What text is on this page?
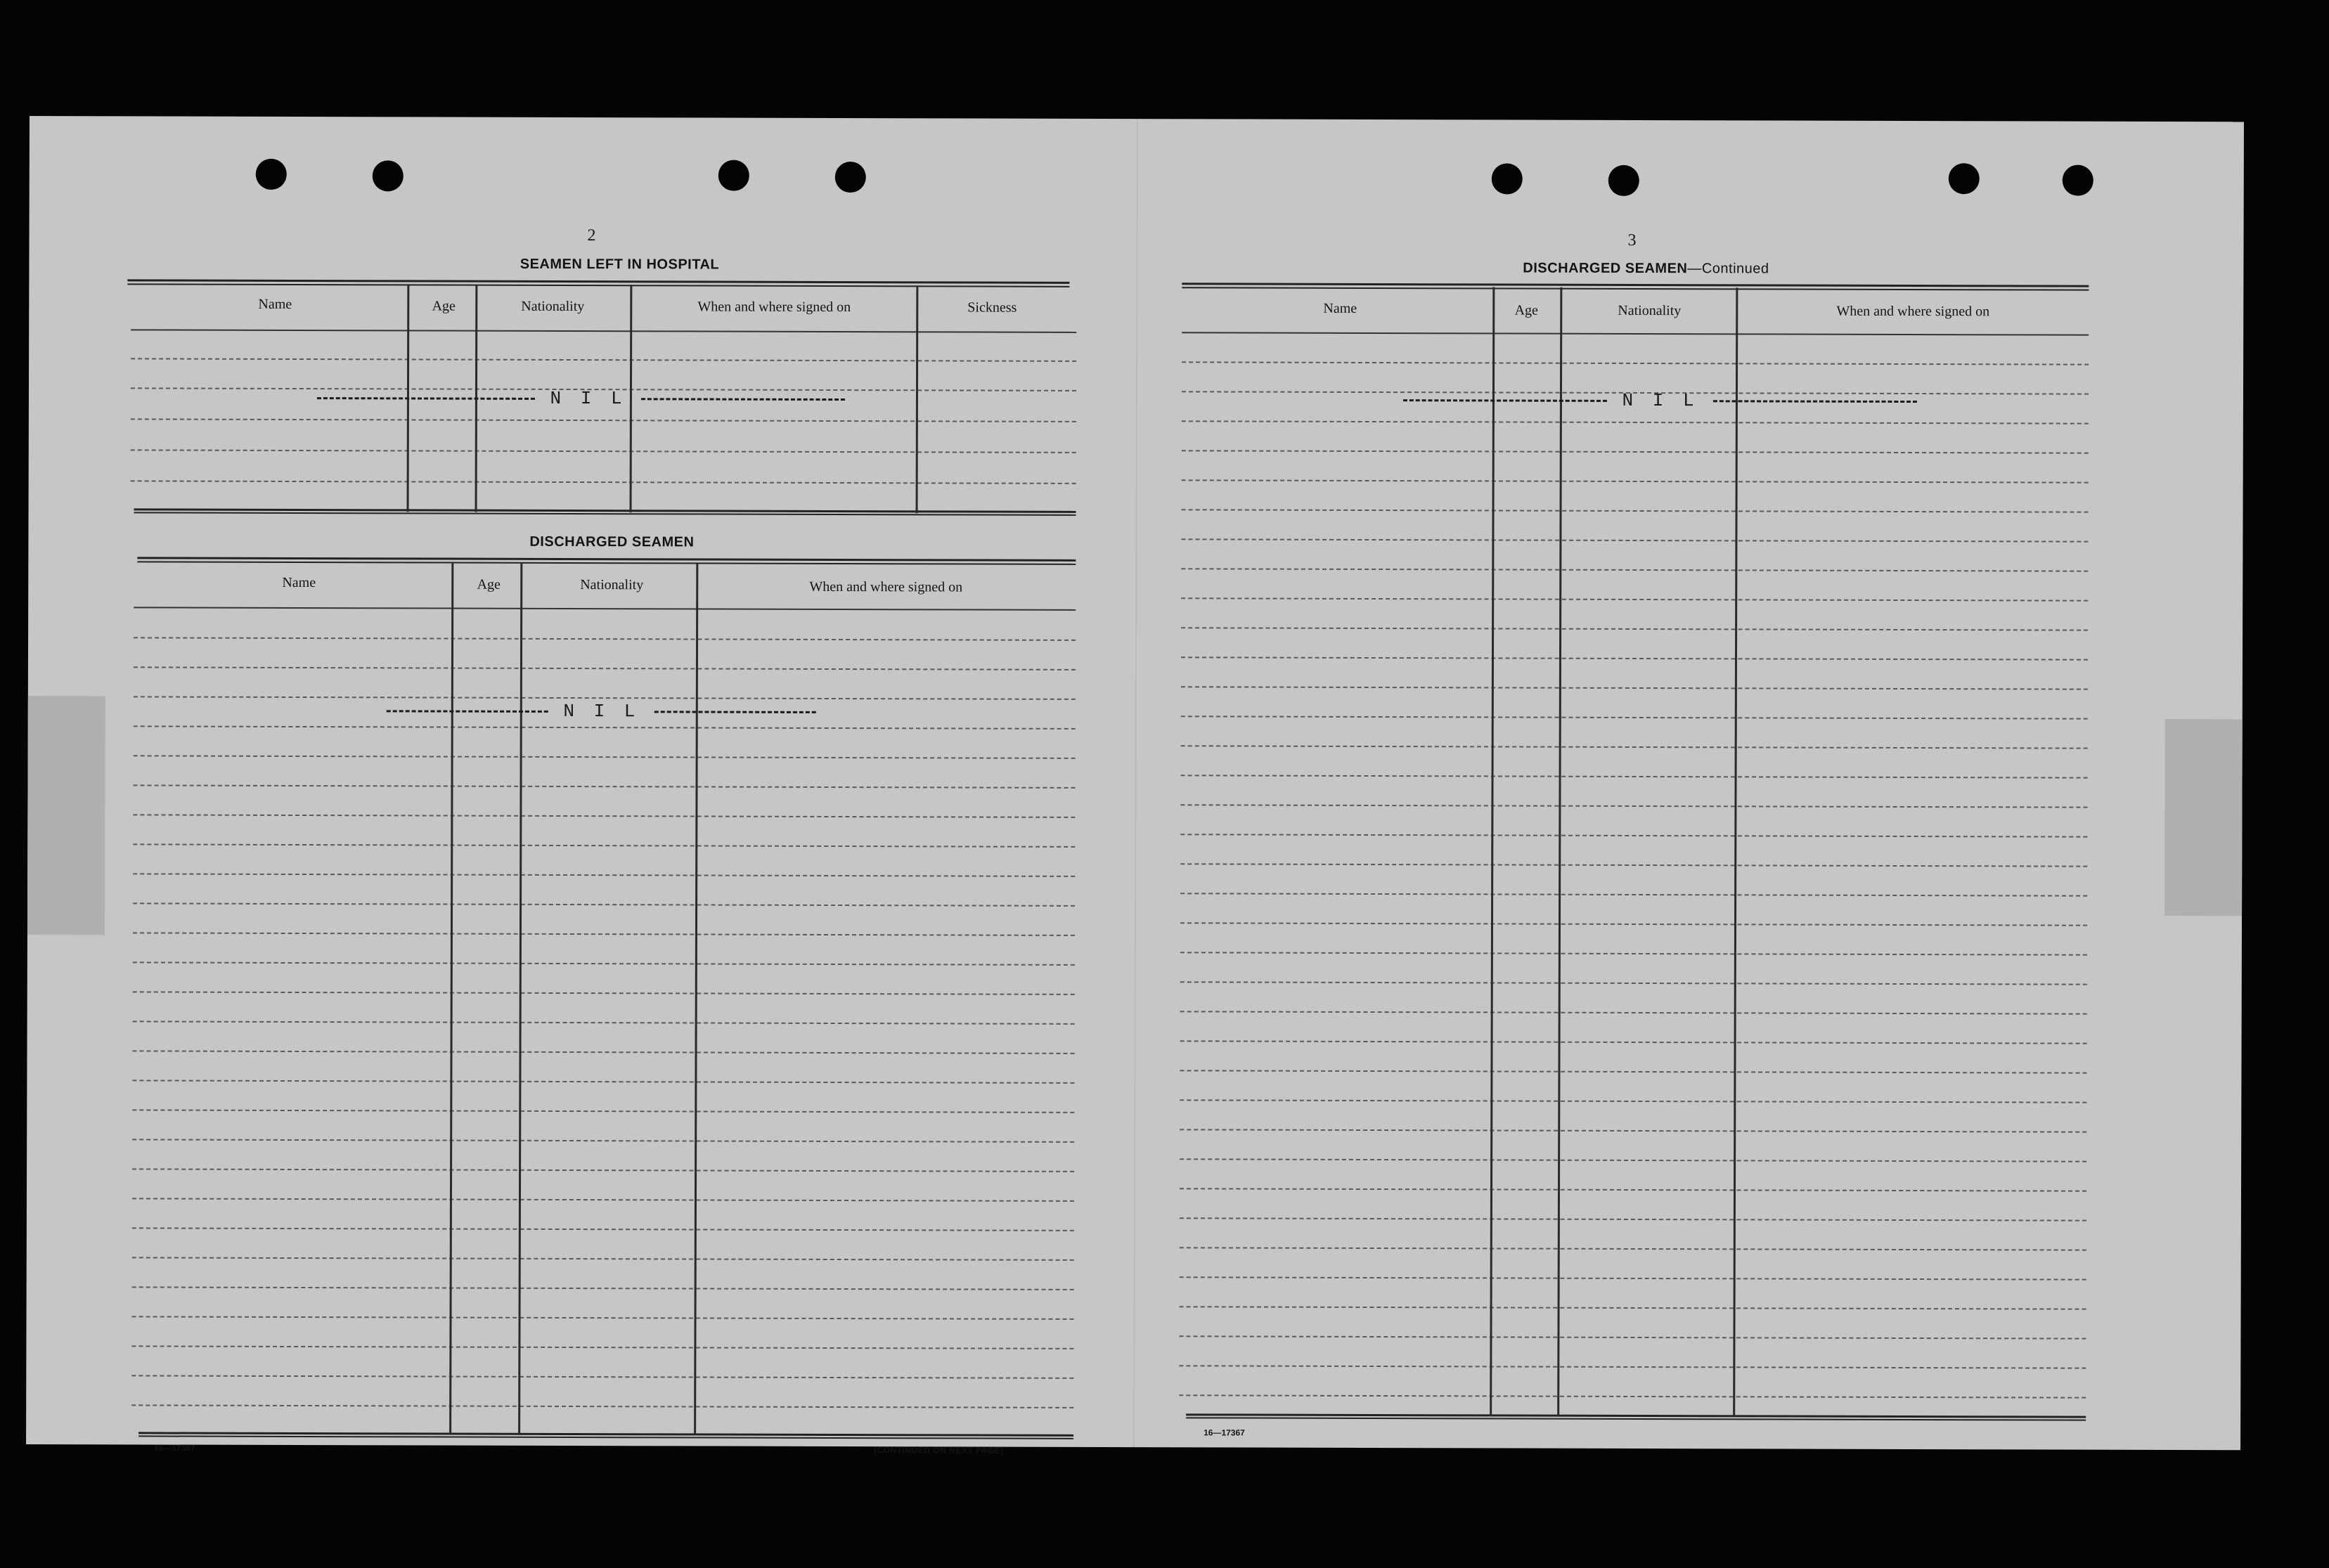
2
SEAMEN LEFT IN HOSPITAL
Name	Age	Nationality	When and where signed on	Sickness
N I L
DISCHARGED SEAMEN
Name	Age	Nationality	When and where signed on
N I L
16—17367	[CONTINUED ON NEXT PAGE]
3
DISCHARGED SEAMEN—Continued
Name	Age	Nationality	When and where signed on
N I L
16—17367
